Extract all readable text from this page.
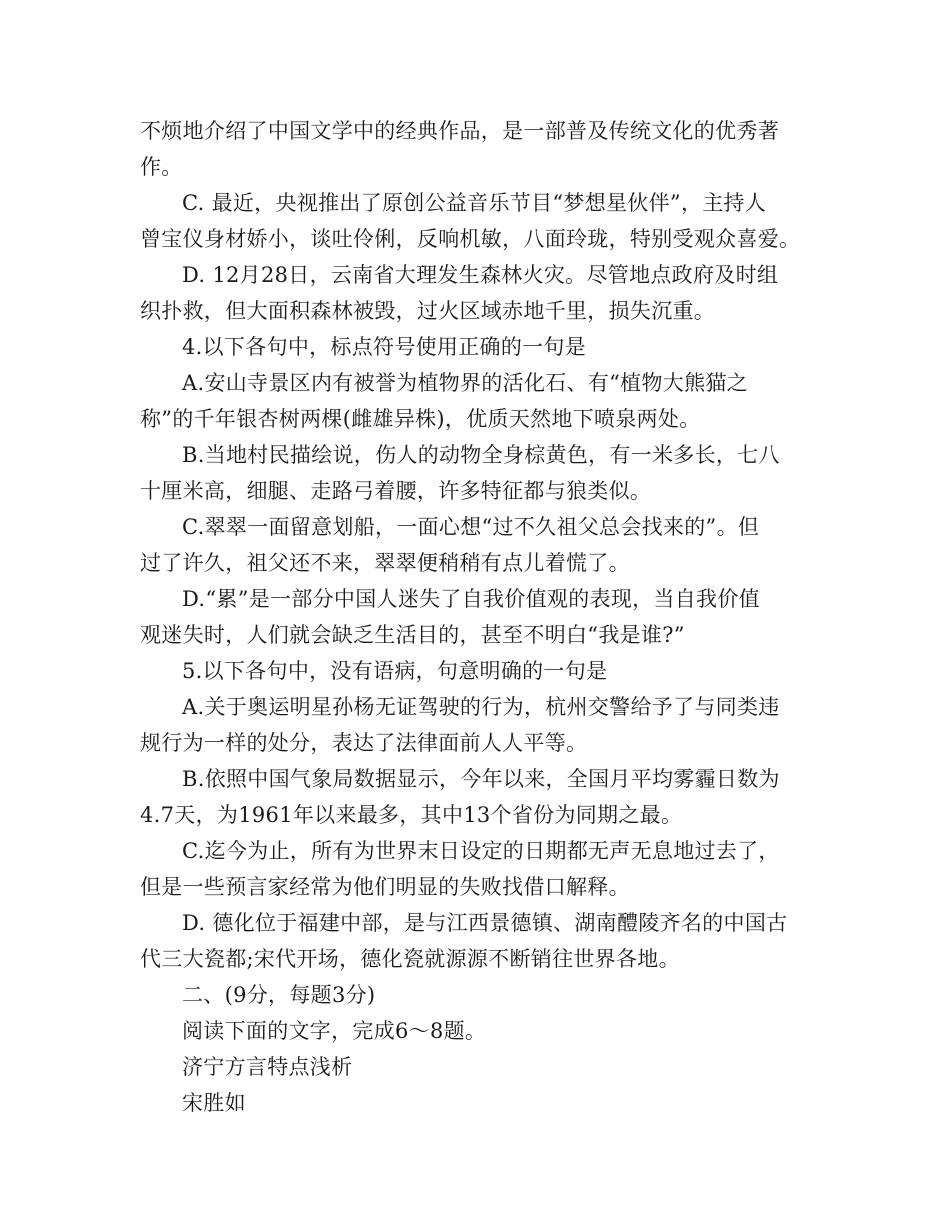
不烦地介绍了中国文学中的经典作品，是一部普及传统文化的优秀著
作。
C. 最近，央视推出了原创公益音乐节目“梦想星伙伴”，主持人
曾宝仪身材娇小，谈吐伶俐，反响机敏，八面玲珑，特别受观众喜爱。
D. 12月28日，云南省大理发生森林火灾。尽管地点政府及时组
织扑救，但大面积森林被毁，过火区域赤地千里，损失沉重。
4.以下各句中，标点符号使用正确的一句是
A.安山寺景区内有被誉为植物界的活化石、有“植物大熊猫之
称”的千年银杏树两棵(雌雄异株)，优质天然地下喷泉两处。
B.当地村民描绘说，伤人的动物全身棕黄色，有一米多长，七八
十厘米高，细腿、走路弓着腰，许多特征都与狼类似。
C.翠翠一面留意划船，一面心想“过不久祖父总会找来的”。但
过了许久，祖父还不来，翠翠便稍稍有点儿着慌了。
D.“累”是一部分中国人迷失了自我价值观的表现，当自我价值
观迷失时，人们就会缺乏生活目的，甚至不明白“我是谁?”
5.以下各句中，没有语病，句意明确的一句是
A.关于奥运明星孙杨无证驾驶的行为，杭州交警给予了与同类违
规行为一样的处分，表达了法律面前人人平等。
B.依照中国气象局数据显示，今年以来，全国月平均雾霾日数为
4.7天，为1961年以来最多，其中13个省份为同期之最。
C.迄今为止，所有为世界末日设定的日期都无声无息地过去了，
但是一些预言家经常为他们明显的失败找借口解释。
D. 德化位于福建中部，是与江西景德镇、湖南醴陵齐名的中国古
代三大瓷都;宋代开场，德化瓷就源源不断销往世界各地。
二、(9分，每题3分)
阅读下面的文字，完成6～8题。
济宁方言特点浅析
宋胜如
